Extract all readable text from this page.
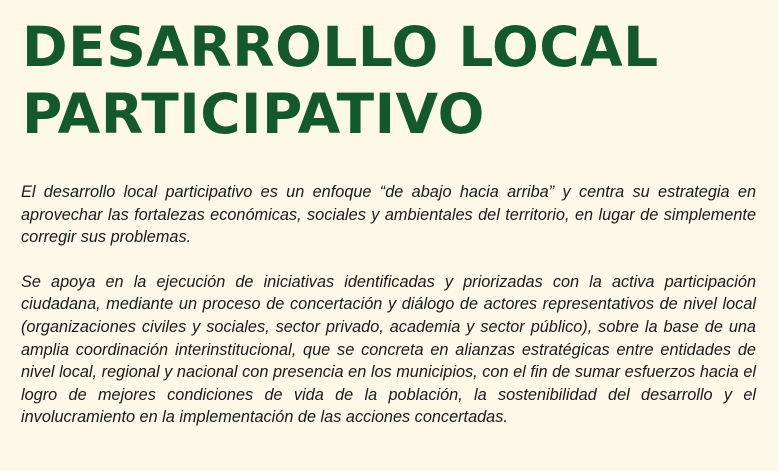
DESARROLLO LOCAL
PARTICIPATIVO

El desarrollo local participativo es un enfoque “de abajo hacia arriba” y centra su estrategia en aprovechar las fortalezas económicas, sociales y ambientales del territorio, en lugar de simplemente corregir sus problemas.

Se apoya en la ejecución de iniciativas identificadas y priorizadas con la activa participación ciudadana, mediante un proceso de concertación y diálogo de actores representativos de nivel local (organizaciones civiles y sociales, sector privado, academia y sector público), sobre la base de una amplia coordinación interinstitucional, que se concreta en alianzas estratégicas entre entidades de nivel local, regional y nacional con presencia en los municipios, con el fin de sumar esfuerzos hacia el logro de mejores condiciones de vida de la población, la sostenibilidad del desarrollo y el involucramiento en la implementación de las acciones concertadas.
